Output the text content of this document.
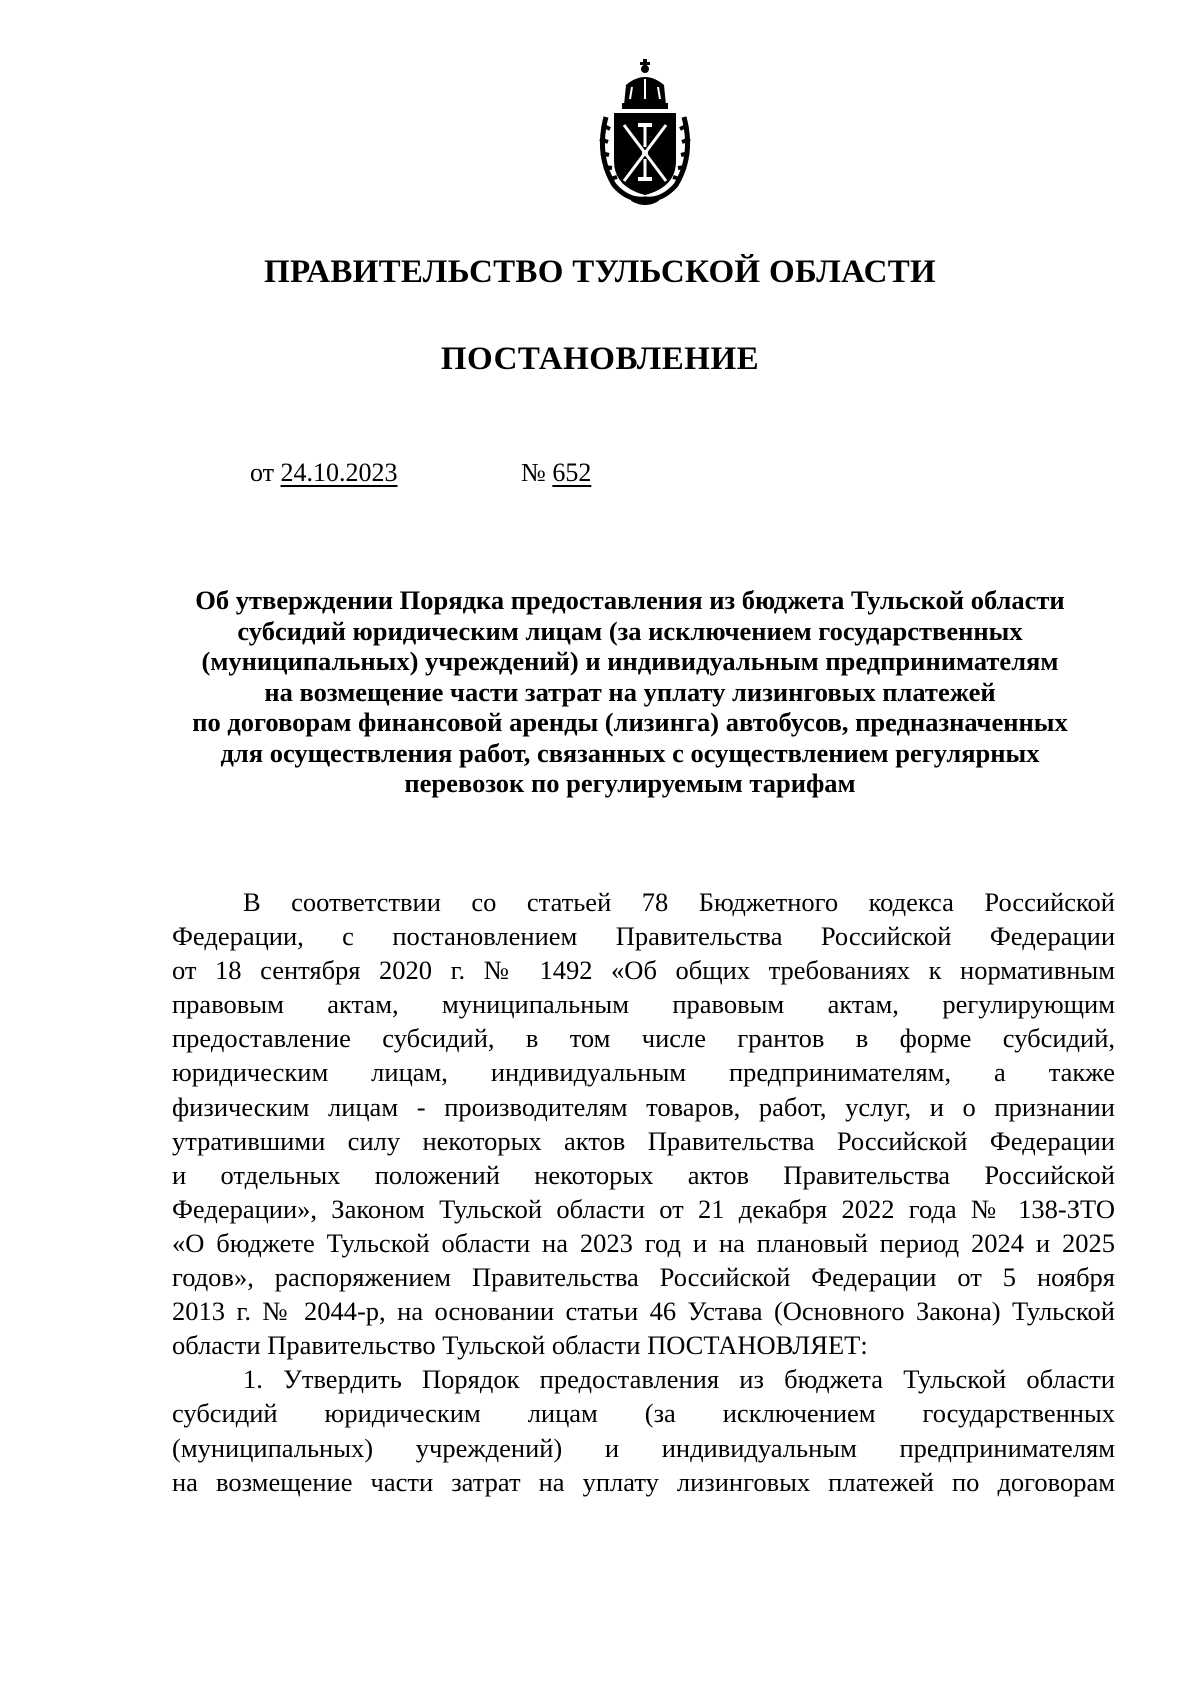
ПРАВИТЕЛЬСТВО ТУЛЬСКОЙ ОБЛАСТИ
ПОСТАНОВЛЕНИЕ
от 24.10.2023	№ 652
Об утверждении Порядка предоставления из бюджета Тульской области
субсидий юридическим лицам (за исключением государственных
(муниципальных) учреждений) и индивидуальным предпринимателям
на возмещение части затрат на уплату лизинговых платежей
по договорам финансовой аренды (лизинга) автобусов, предназначенных
для осуществления работ, связанных с осуществлением регулярных
перевозок по регулируемым тарифам
В соответствии со статьей 78 Бюджетного кодекса Российской
Федерации, с постановлением Правительства Российской Федерации
от 18 сентября 2020 г. № 1492 «Об общих требованиях к нормативным
правовым актам, муниципальным правовым актам, регулирующим
предоставление субсидий, в том числе грантов в форме субсидий,
юридическим лицам, индивидуальным предпринимателям, а также
физическим лицам - производителям товаров, работ, услуг, и о признании
утратившими силу некоторых актов Правительства Российской Федерации
и отдельных положений некоторых актов Правительства Российской
Федерации», Законом Тульской области от 21 декабря 2022 года № 138-ЗТО
«О бюджете Тульской области на 2023 год и на плановый период 2024 и 2025
годов», распоряжением Правительства Российской Федерации от 5 ноября
2013 г. № 2044-р, на основании статьи 46 Устава (Основного Закона) Тульской
области Правительство Тульской области ПОСТАНОВЛЯЕТ:
1. Утвердить Порядок предоставления из бюджета Тульской области
субсидий юридическим лицам (за исключением государственных
(муниципальных) учреждений) и индивидуальным предпринимателям
на возмещение части затрат на уплату лизинговых платежей по договорам
